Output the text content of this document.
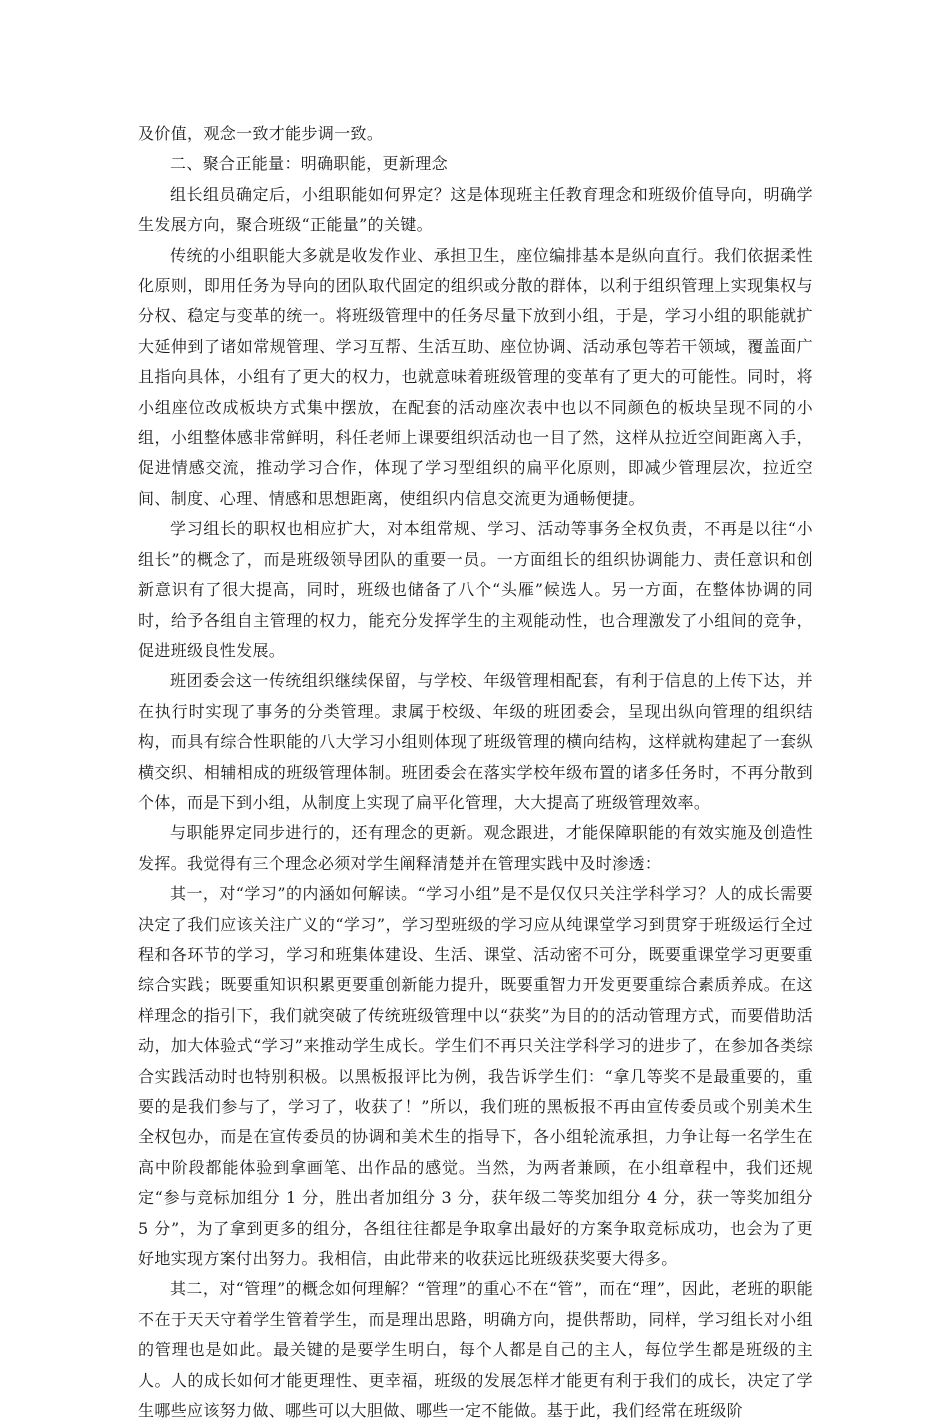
及价值，观念一致才能步调一致。

二、聚合正能量：明确职能，更新理念

组长组员确定后，小组职能如何界定？这是体现班主任教育理念和班级价值导向，明确学生发展方向，聚合班级“正能量”的关键。

传统的小组职能大多就是收发作业、承担卫生，座位编排基本是纵向直行。我们依据柔性化原则，即用任务为导向的团队取代固定的组织或分散的群体，以利于组织管理上实现集权与分权、稳定与变革的统一。将班级管理中的任务尽量下放到小组，于是，学习小组的职能就扩大延伸到了诸如常规管理、学习互帮、生活互助、座位协调、活动承包等若干领域，覆盖面广且指向具体，小组有了更大的权力，也就意味着班级管理的变革有了更大的可能性。同时，将小组座位改成板块方式集中摆放，在配套的活动座次表中也以不同颜色的板块呈现不同的小组，小组整体感非常鲜明，科任老师上课要组织活动也一目了然，这样从拉近空间距离入手，促进情感交流，推动学习合作，体现了学习型组织的扁平化原则，即减少管理层次，拉近空间、制度、心理、情感和思想距离，使组织内信息交流更为通畅便捷。

学习组长的职权也相应扩大，对本组常规、学习、活动等事务全权负责，不再是以往“小组长”的概念了，而是班级领导团队的重要一员。一方面组长的组织协调能力、责任意识和创新意识有了很大提高，同时，班级也储备了八个“头雁”候选人。另一方面，在整体协调的同时，给予各组自主管理的权力，能充分发挥学生的主观能动性，也合理激发了小组间的竞争，促进班级良性发展。

班团委会这一传统组织继续保留，与学校、年级管理相配套，有利于信息的上传下达，并在执行时实现了事务的分类管理。隶属于校级、年级的班团委会，呈现出纵向管理的组织结构，而具有综合性职能的八大学习小组则体现了班级管理的横向结构，这样就构建起了一套纵横交织、相辅相成的班级管理体制。班团委会在落实学校年级布置的诸多任务时，不再分散到个体，而是下到小组，从制度上实现了扁平化管理，大大提高了班级管理效率。

与职能界定同步进行的，还有理念的更新。观念跟进，才能保障职能的有效实施及创造性发挥。我觉得有三个理念必须对学生阐释清楚并在管理实践中及时渗透：

其一，对“学习”的内涵如何解读。“学习小组”是不是仅仅只关注学科学习？人的成长需要决定了我们应该关注广义的“学习”，学习型班级的学习应从纯课堂学习到贯穿于班级运行全过程和各环节的学习，学习和班集体建设、生活、课堂、活动密不可分，既要重课堂学习更要重综合实践；既要重知识积累更要重创新能力提升，既要重智力开发更要重综合素质养成。在这样理念的指引下，我们就突破了传统班级管理中以“获奖”为目的的活动管理方式，而要借助活动，加大体验式“学习”来推动学生成长。学生们不再只关注学科学习的进步了，在参加各类综合实践活动时也特别积极。以黑板报评比为例，我告诉学生们：“拿几等奖不是最重要的，重要的是我们参与了，学习了，收获了！”所以，我们班的黑板报不再由宣传委员或个别美术生全权包办，而是在宣传委员的协调和美术生的指导下，各小组轮流承担，力争让每一名学生在高中阶段都能体验到拿画笔、出作品的感觉。当然，为两者兼顾，在小组章程中，我们还规定“参与竞标加组分 1 分，胜出者加组分 3 分，获年级二等奖加组分 4 分，获一等奖加组分 5 分”，为了拿到更多的组分，各组往往都是争取拿出最好的方案争取竞标成功，也会为了更好地实现方案付出努力。我相信，由此带来的收获远比班级获奖要大得多。

其二，对“管理”的概念如何理解？“管理”的重心不在“管”，而在“理”，因此，老班的职能不在于天天守着学生管着学生，而是理出思路，明确方向，提供帮助，同样，学习组长对小组的管理也是如此。最关键的是要学生明白，每个人都是自己的主人，每位学生都是班级的主人。人的成长如何才能更理性、更幸福，班级的发展怎样才能更有利于我们的成长，决定了学生哪些应该努力做、哪些可以大胆做、哪些一定不能做。基于此，我们经常在班级阶
